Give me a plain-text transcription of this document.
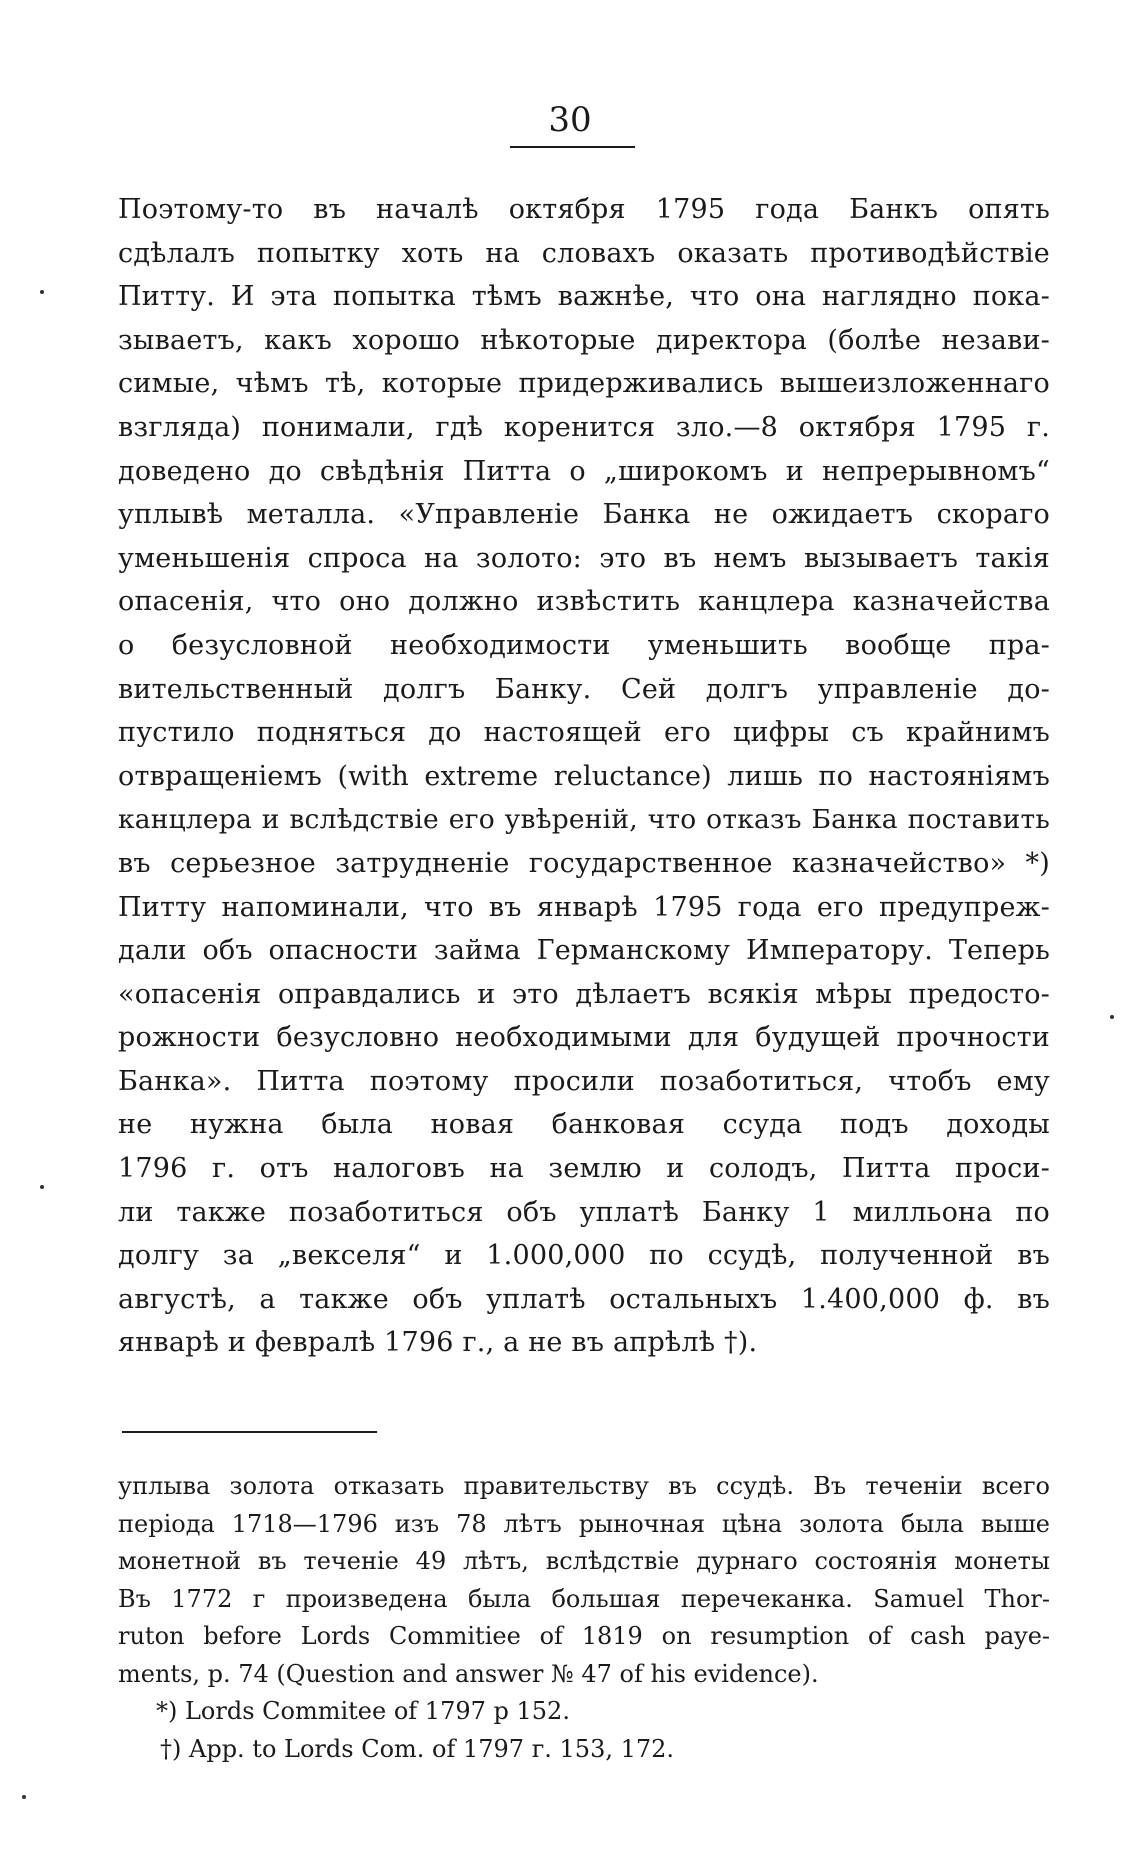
30
Поэтому-то въ началѣ октября 1795 года Банкъ опять
сдѣлалъ попытку хоть на словахъ оказать противодѣйствіе
Питту. И эта попытка тѣмъ важнѣе, что она наглядно пока-
зываетъ, какъ хорошо нѣкоторые директора (болѣе незави-
симые, чѣмъ тѣ, которые придерживались вышеизложеннаго
взгляда) понимали, гдѣ коренится зло.—8 октября 1795 г.
доведено до свѣдѣнія Питта о „широкомъ и непрерывномъ“
уплывѣ металла. «Управленіе Банка не ожидаетъ скораго
уменьшенія спроса на золото: это въ немъ вызываетъ такія
опасенія, что оно должно извѣстить канцлера казначейства
о безусловной необходимости уменьшить вообще пра-
вительственный долгъ Банку. Сей долгъ управленіе до-
пустило подняться до настоящей его цифры съ крайнимъ
отвращеніемъ (with extreme reluctance) лишь по настояніямъ
канцлера и вслѣдствіе его увѣреній, что отказъ Банка поставить
въ серьезное затрудненіе государственное казначейство» *)
Питту напоминали, что въ январѣ 1795 года его предупреж-
дали объ опасности займа Германскому Императору. Теперь
«опасенія оправдались и это дѣлаетъ всякія мѣры предосто-
рожности безусловно необходимыми для будущей прочности
Банка». Питта поэтому просили позаботиться, чтобъ ему
не нужна была новая банковая ссуда подъ доходы
1796 г. отъ налоговъ на землю и солодъ, Питта проси-
ли также позаботиться объ уплатѣ Банку 1 милльона по
долгу за „векселя“ и 1.000,000 по ссудѣ, полученной въ
августѣ, а также объ уплатѣ остальныхъ 1.400,000 ф. въ
январѣ и февралѣ 1796 г., а не въ апрѣлѣ †).
уплыва золота отказать правительству въ ссудѣ. Въ теченіи всего
періода 1718—1796 изъ 78 лѣтъ рыночная цѣна золота была выше
монетной въ теченіе 49 лѣтъ, вслѣдствіе дурнаго состоянія монеты
Въ 1772 г произведена была большая перечеканка. Samuel Thor-
ruton before Lords Commitiee of 1819 on resumption of cash paye-
ments, p. 74 (Question and answer № 47 of his evidence).
*) Lords Commitee of 1797 p 152.
†) App. to Lords Com. of 1797 г. 153, 172.
